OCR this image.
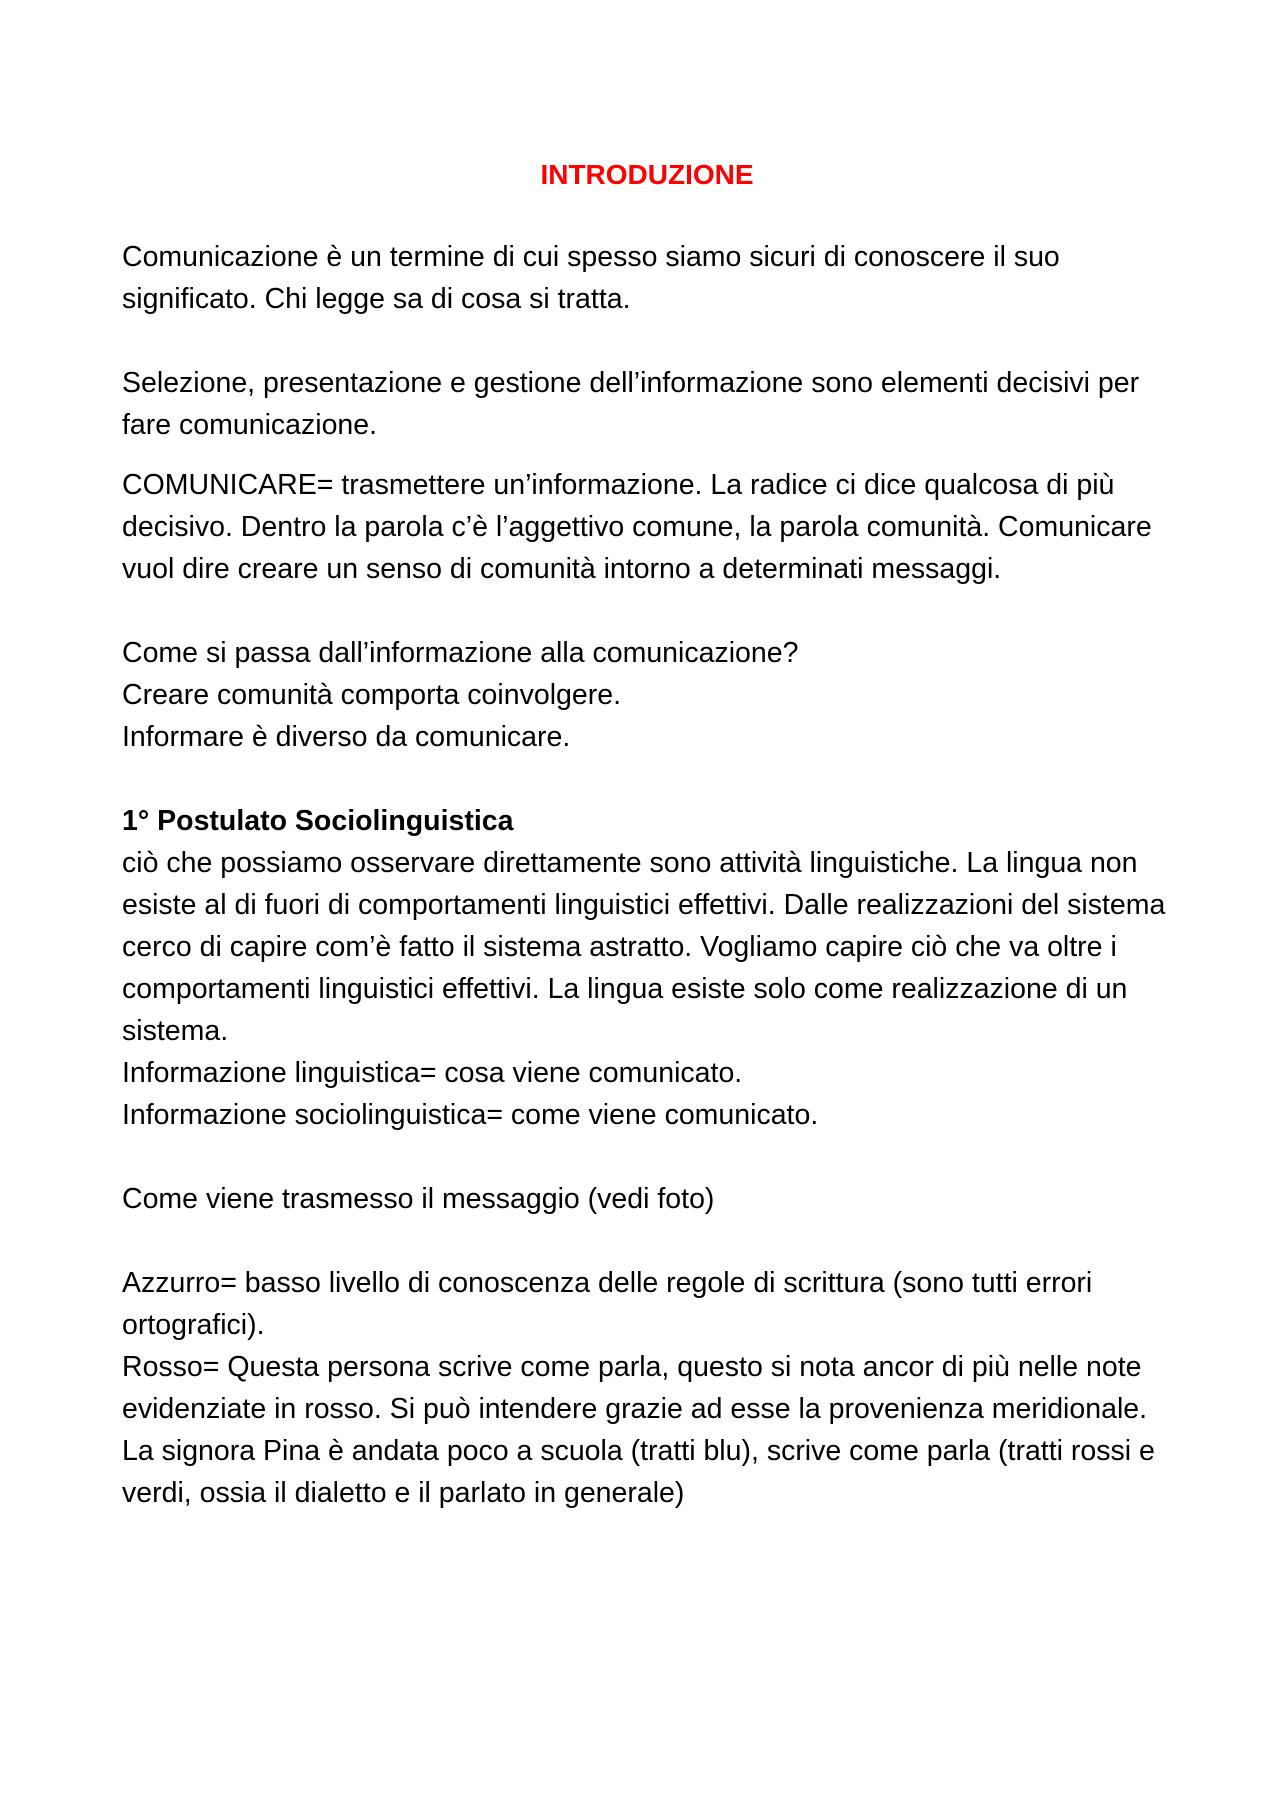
INTRODUZIONE

Comunicazione è un termine di cui spesso siamo sicuri di conoscere il suo significato. Chi legge sa di cosa si tratta.

Selezione, presentazione e gestione dell’informazione sono elementi decisivi per fare comunicazione.

COMUNICARE= trasmettere un’informazione. La radice ci dice qualcosa di più decisivo. Dentro la parola c’è l’aggettivo comune, la parola comunità. Comunicare vuol dire creare un senso di comunità intorno a determinati messaggi.

Come si passa dall’informazione alla comunicazione?

Creare comunità comporta coinvolgere.

Informare è diverso da comunicare.

1° Postulato Sociolinguistica

ciò che possiamo osservare direttamente sono attività linguistiche. La lingua non esiste al di fuori di comportamenti linguistici effettivi. Dalle realizzazioni del sistema cerco di capire com’è fatto il sistema astratto. Vogliamo capire ciò che va oltre i comportamenti linguistici effettivi. La lingua esiste solo come realizzazione di un sistema.

Informazione linguistica= cosa viene comunicato.

Informazione sociolinguistica= come viene comunicato.

Come viene trasmesso il messaggio (vedi foto)

Azzurro= basso livello di conoscenza delle regole di scrittura (sono tutti errori ortografici).

Rosso= Questa persona scrive come parla, questo si nota ancor di più nelle note evidenziate in rosso. Si può intendere grazie ad esse la provenienza meridionale.

La signora Pina è andata poco a scuola (tratti blu), scrive come parla (tratti rossi e verdi, ossia il dialetto e il parlato in generale)
